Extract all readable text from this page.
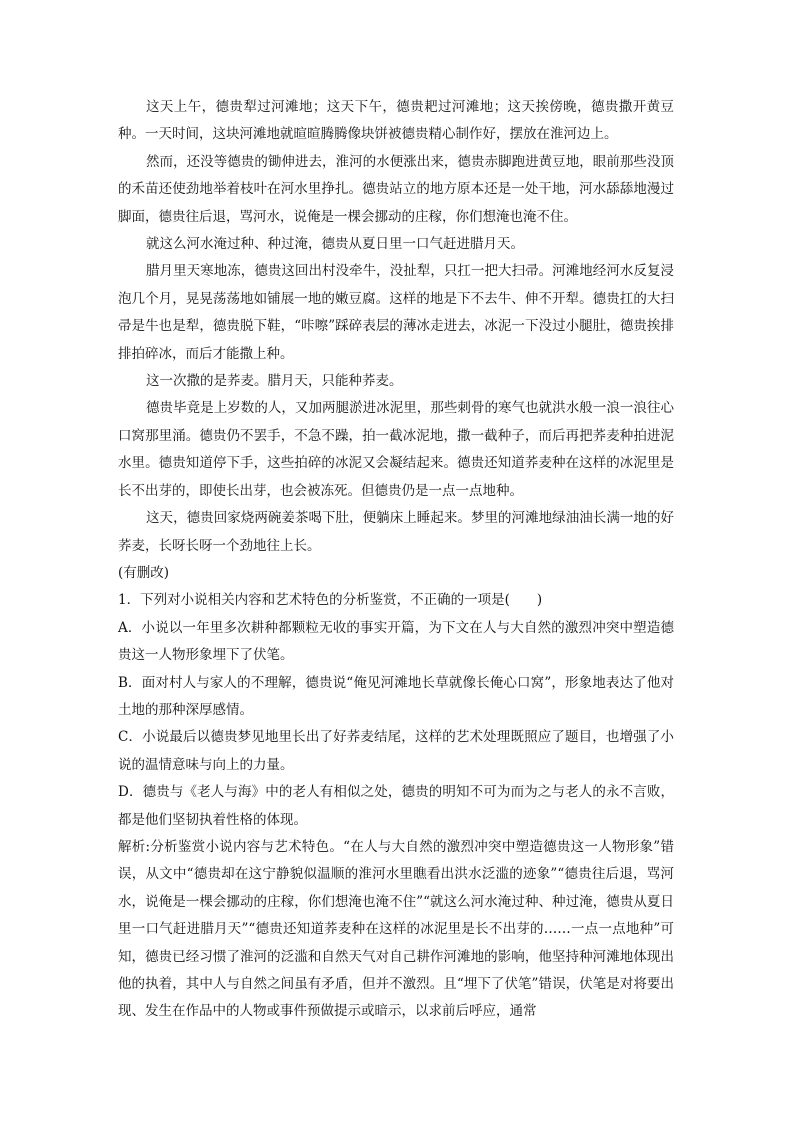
这天上午，德贵犁过河滩地；这天下午，德贵耙过河滩地；这天挨傍晚，德贵撒开黄豆种。一天时间，这块河滩地就暄暄腾腾像块饼被德贵精心制作好，摆放在淮河边上。

然而，还没等德贵的锄伸进去，淮河的水便涨出来，德贵赤脚跑进黄豆地，眼前那些没顶的禾苗还使劲地举着枝叶在河水里挣扎。德贵站立的地方原本还是一处干地，河水舔舔地漫过脚面，德贵往后退，骂河水，说俺是一棵会挪动的庄稼，你们想淹也淹不住。

就这么河水淹过种、种过淹，德贵从夏日里一口气赶进腊月天。

腊月里天寒地冻，德贵这回出村没牵牛，没扯犁，只扛一把大扫帚。河滩地经河水反复浸泡几个月，晃晃荡荡地如铺展一地的嫩豆腐。这样的地是下不去牛、伸不开犁。德贵扛的大扫帚是牛也是犁，德贵脱下鞋，“咔嚓”踩碎表层的薄冰走进去，冰泥一下没过小腿肚，德贵挨排排拍碎冰，而后才能撒上种。

这一次撒的是荞麦。腊月天，只能种荞麦。

德贵毕竟是上岁数的人，又加两腿淤进冰泥里，那些刺骨的寒气也就洪水般一浪一浪往心口窝那里涌。德贵仍不罢手，不急不躁，拍一截冰泥地，撒一截种子，而后再把荞麦种拍进泥水里。德贵知道停下手，这些拍碎的冰泥又会凝结起来。德贵还知道荞麦种在这样的冰泥里是长不出芽的，即使长出芽，也会被冻死。但德贵仍是一点一点地种。

这天，德贵回家烧两碗姜茶喝下肚，便躺床上睡起来。梦里的河滩地绿油油长满一地的好荞麦，长呀长呀一个劲地往上长。

(有删改)

1．下列对小说相关内容和艺术特色的分析鉴赏，不正确的一项是(　　)

A．小说以一年里多次耕种都颗粒无收的事实开篇，为下文在人与大自然的激烈冲突中塑造德贵这一人物形象埋下了伏笔。

B．面对村人与家人的不理解，德贵说“俺见河滩地长草就像长俺心口窝”，形象地表达了他对土地的那种深厚感情。

C．小说最后以德贵梦见地里长出了好荞麦结尾，这样的艺术处理既照应了题目，也增强了小说的温情意味与向上的力量。

D．德贵与《老人与海》中的老人有相似之处，德贵的明知不可为而为之与老人的永不言败，都是他们坚韧执着性格的体现。

解析:分析鉴赏小说内容与艺术特色。“在人与大自然的激烈冲突中塑造德贵这一人物形象”错误，从文中“德贵却在这宁静貌似温顺的淮河水里瞧看出洪水泛滥的迹象”“德贵往后退，骂河水，说俺是一棵会挪动的庄稼，你们想淹也淹不住”“就这么河水淹过种、种过淹，德贵从夏日里一口气赶进腊月天”“德贵还知道荞麦种在这样的冰泥里是长不出芽的……一点一点地种”可知，德贵已经习惯了淮河的泛滥和自然天气对自己耕作河滩地的影响，他坚持种河滩地体现出他的执着，其中人与自然之间虽有矛盾，但并不激烈。且“埋下了伏笔”错误，伏笔是对将要出现、发生在作品中的人物或事件预做提示或暗示，以求前后呼应，通常
